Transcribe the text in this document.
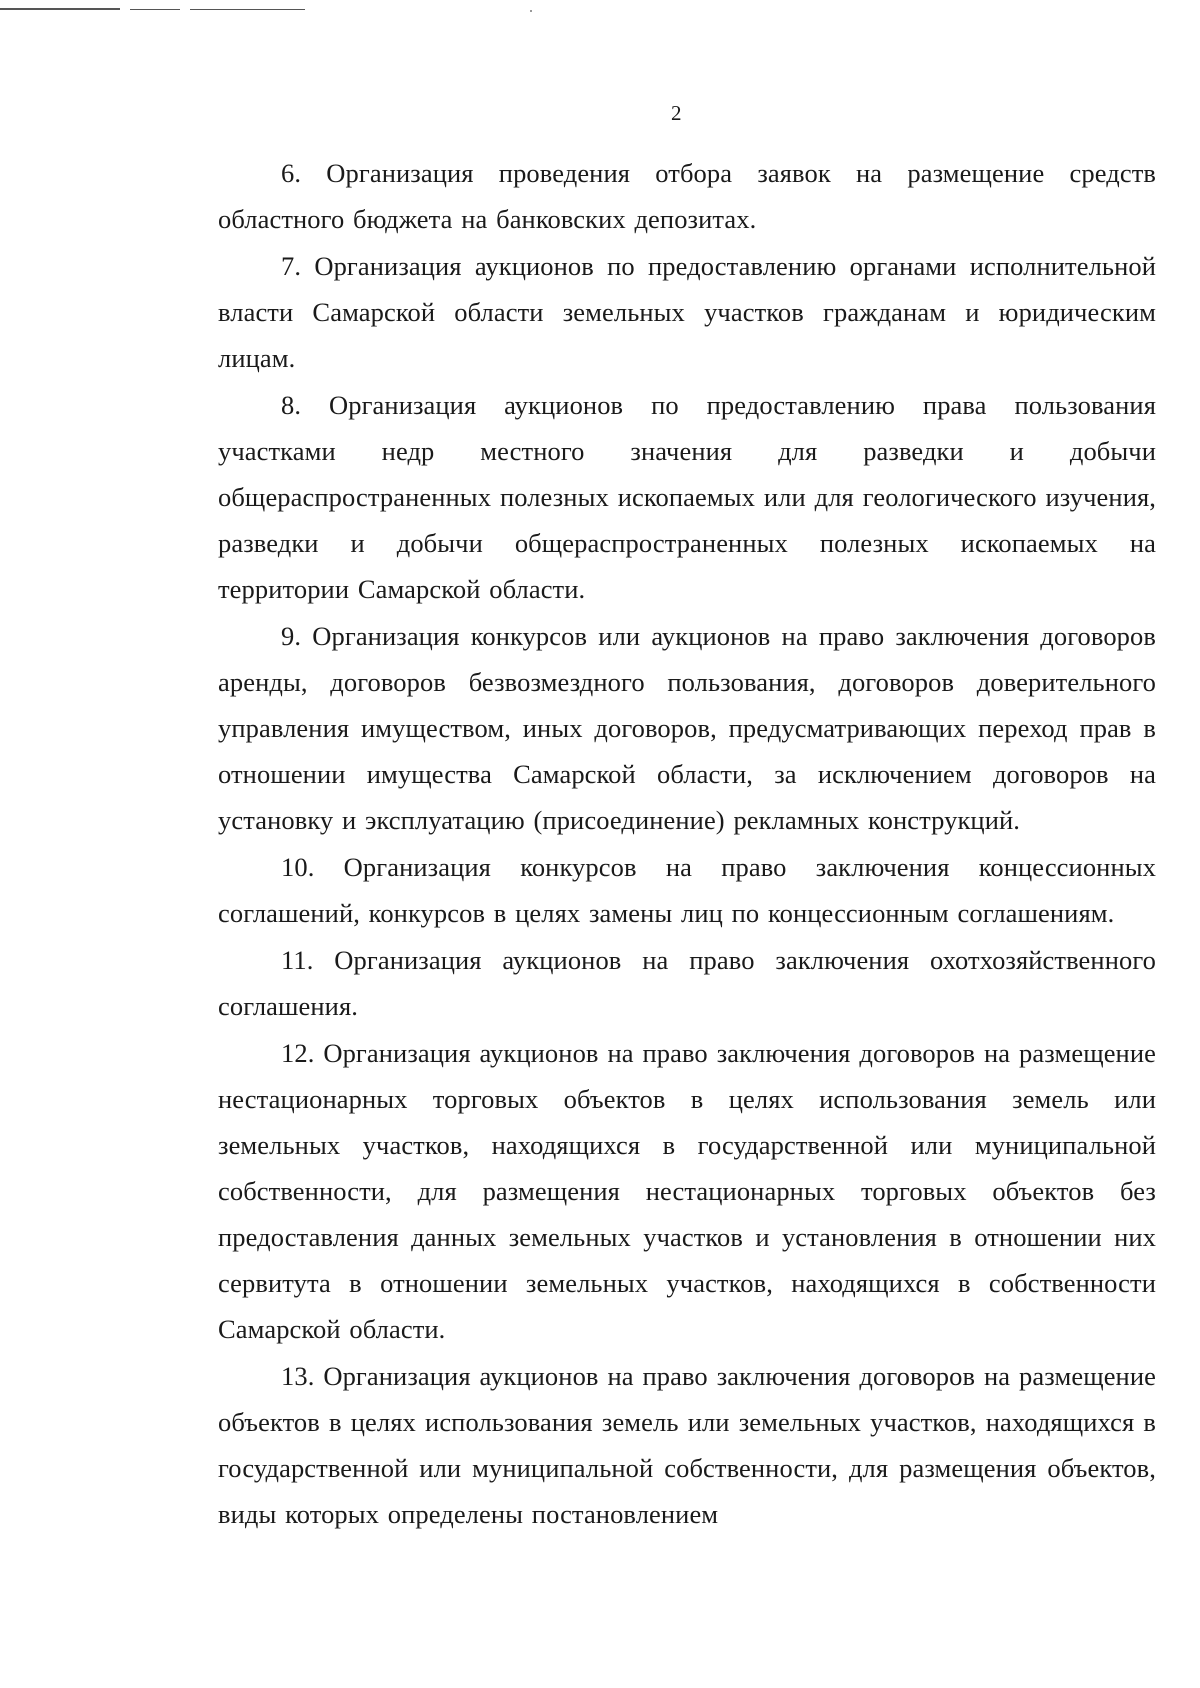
2

6. Организация проведения отбора заявок на размещение средств областного бюджета на банковских депозитах.

7. Организация аукционов по предоставлению органами исполнительной власти Самарской области земельных участков гражданам и юридическим лицам.

8. Организация аукционов по предоставлению права пользования участками недр местного значения для разведки и добычи общераспространенных полезных ископаемых или для геологического изучения, разведки и добычи общераспространенных полезных ископаемых на территории Самарской области.

9. Организация конкурсов или аукционов на право заключения договоров аренды, договоров безвозмездного пользования, договоров доверительного управления имуществом, иных договоров, предусматривающих переход прав в отношении имущества Самарской области, за исключением договоров на установку и эксплуатацию (присоединение) рекламных конструкций.

10. Организация конкурсов на право заключения концессионных соглашений, конкурсов в целях замены лиц по концессионным соглашениям.

11. Организация аукционов на право заключения охотхозяйственного соглашения.

12. Организация аукционов на право заключения договоров на размещение нестационарных торговых объектов в целях использования земель или земельных участков, находящихся в государственной или муниципальной собственности, для размещения нестационарных торговых объектов без предоставления данных земельных участков и установления в отношении них сервитута в отношении земельных участков, находящихся в собственности Самарской области.

13. Организация аукционов на право заключения договоров на размещение объектов в целях использования земель или земельных участков, находящихся в государственной или муниципальной собственности, для размещения объектов, виды которых определены постановлением
